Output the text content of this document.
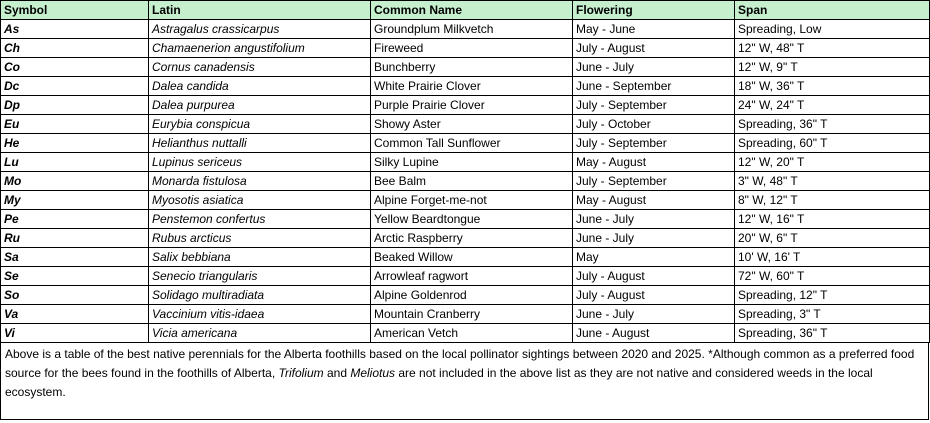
Symbol	Latin	Common Name	Flowering	Span
As	Astragalus crassicarpus	Groundplum Milkvetch	May - June	Spreading, Low
Ch	Chamaenerion angustifolium	Fireweed	July - August	12" W, 48" T
Co	Cornus canadensis	Bunchberry	June - July	12" W, 9" T
Dc	Dalea candida	White Prairie Clover	June - September	18" W, 36" T
Dp	Dalea purpurea	Purple Prairie Clover	July - September	24" W, 24" T
Eu	Eurybia conspicua	Showy Aster	July - October	Spreading, 36" T
He	Helianthus nuttalli	Common Tall Sunflower	July - September	Spreading, 60" T
Lu	Lupinus sericeus	Silky Lupine	May - August	12" W, 20" T
Mo	Monarda fistulosa	Bee Balm	July - September	3" W, 48" T
My	Myosotis asiatica	Alpine Forget-me-not	May - August	8" W, 12" T
Pe	Penstemon confertus	Yellow Beardtongue	June - July	12" W, 16" T
Ru	Rubus arcticus	Arctic Raspberry	June - July	20" W, 6" T
Sa	Salix bebbiana	Beaked Willow	May	10' W, 16' T
Se	Senecio triangularis	Arrowleaf ragwort	July - August	72" W, 60" T
So	Solidago multiradiata	Alpine Goldenrod	July - August	Spreading, 12" T
Va	Vaccinium vitis-idaea	Mountain Cranberry	June - July	Spreading, 3" T
Vi	Vicia americana	American Vetch	June - August	Spreading, 36" T
Above is a table of the best native perennials for the Alberta foothills based on the local pollinator sightings between 2020 and 2025. *Although common as a preferred food source for the bees found in the foothills of Alberta, Trifolium and Meliotus are not included in the above list as they are not native and considered weeds in the local ecosystem.
